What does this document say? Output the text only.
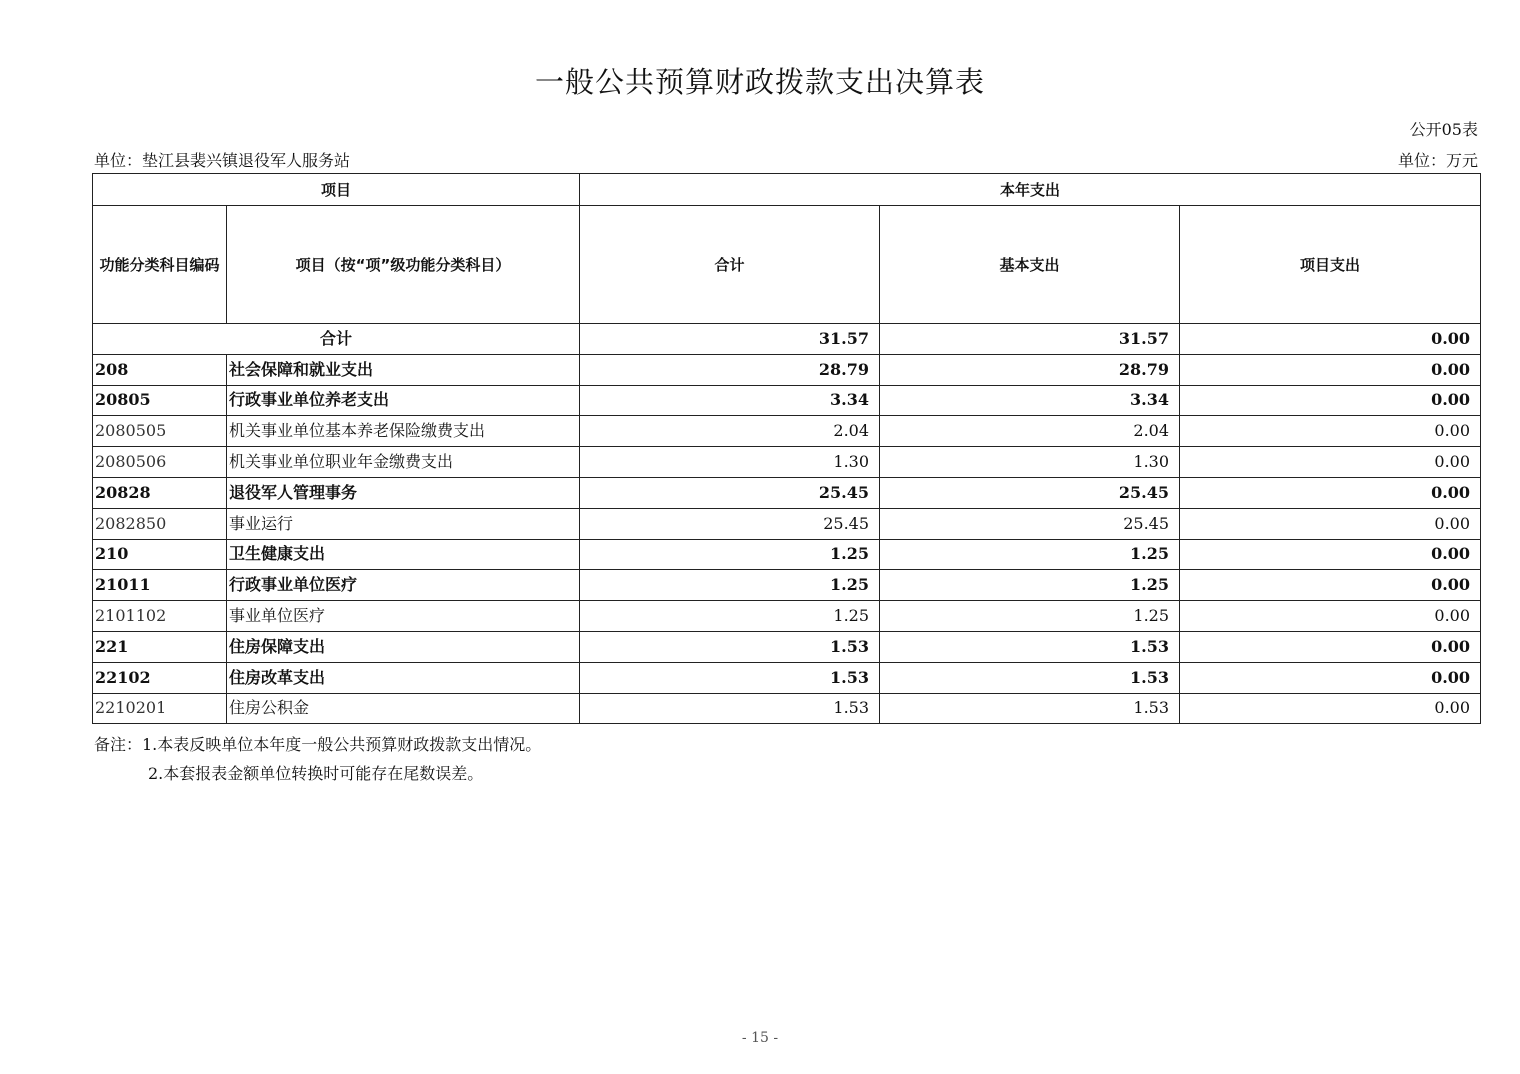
一般公共预算财政拨款支出决算表
公开05表
单位：垫江县裴兴镇退役军人服务站	单位：万元
项目		本年支出		
功能分类科目编码	项目（按“项”级功能分类科目）	合计	基本支出	项目支出
合计		31.57	31.57	0.00
208	社会保障和就业支出	28.79	28.79	0.00
20805	行政事业单位养老支出	3.34	3.34	0.00
2080505	机关事业单位基本养老保险缴费支出	2.04	2.04	0.00
2080506	机关事业单位职业年金缴费支出	1.30	1.30	0.00
20828	退役军人管理事务	25.45	25.45	0.00
2082850	事业运行	25.45	25.45	0.00
210	卫生健康支出	1.25	1.25	0.00
21011	行政事业单位医疗	1.25	1.25	0.00
2101102	事业单位医疗	1.25	1.25	0.00
221	住房保障支出	1.53	1.53	0.00
22102	住房改革支出	1.53	1.53	0.00
2210201	住房公积金	1.53	1.53	0.00
备注：1.本表反映单位本年度一般公共预算财政拨款支出情况。
2.本套报表金额单位转换时可能存在尾数误差。
- 15 -
